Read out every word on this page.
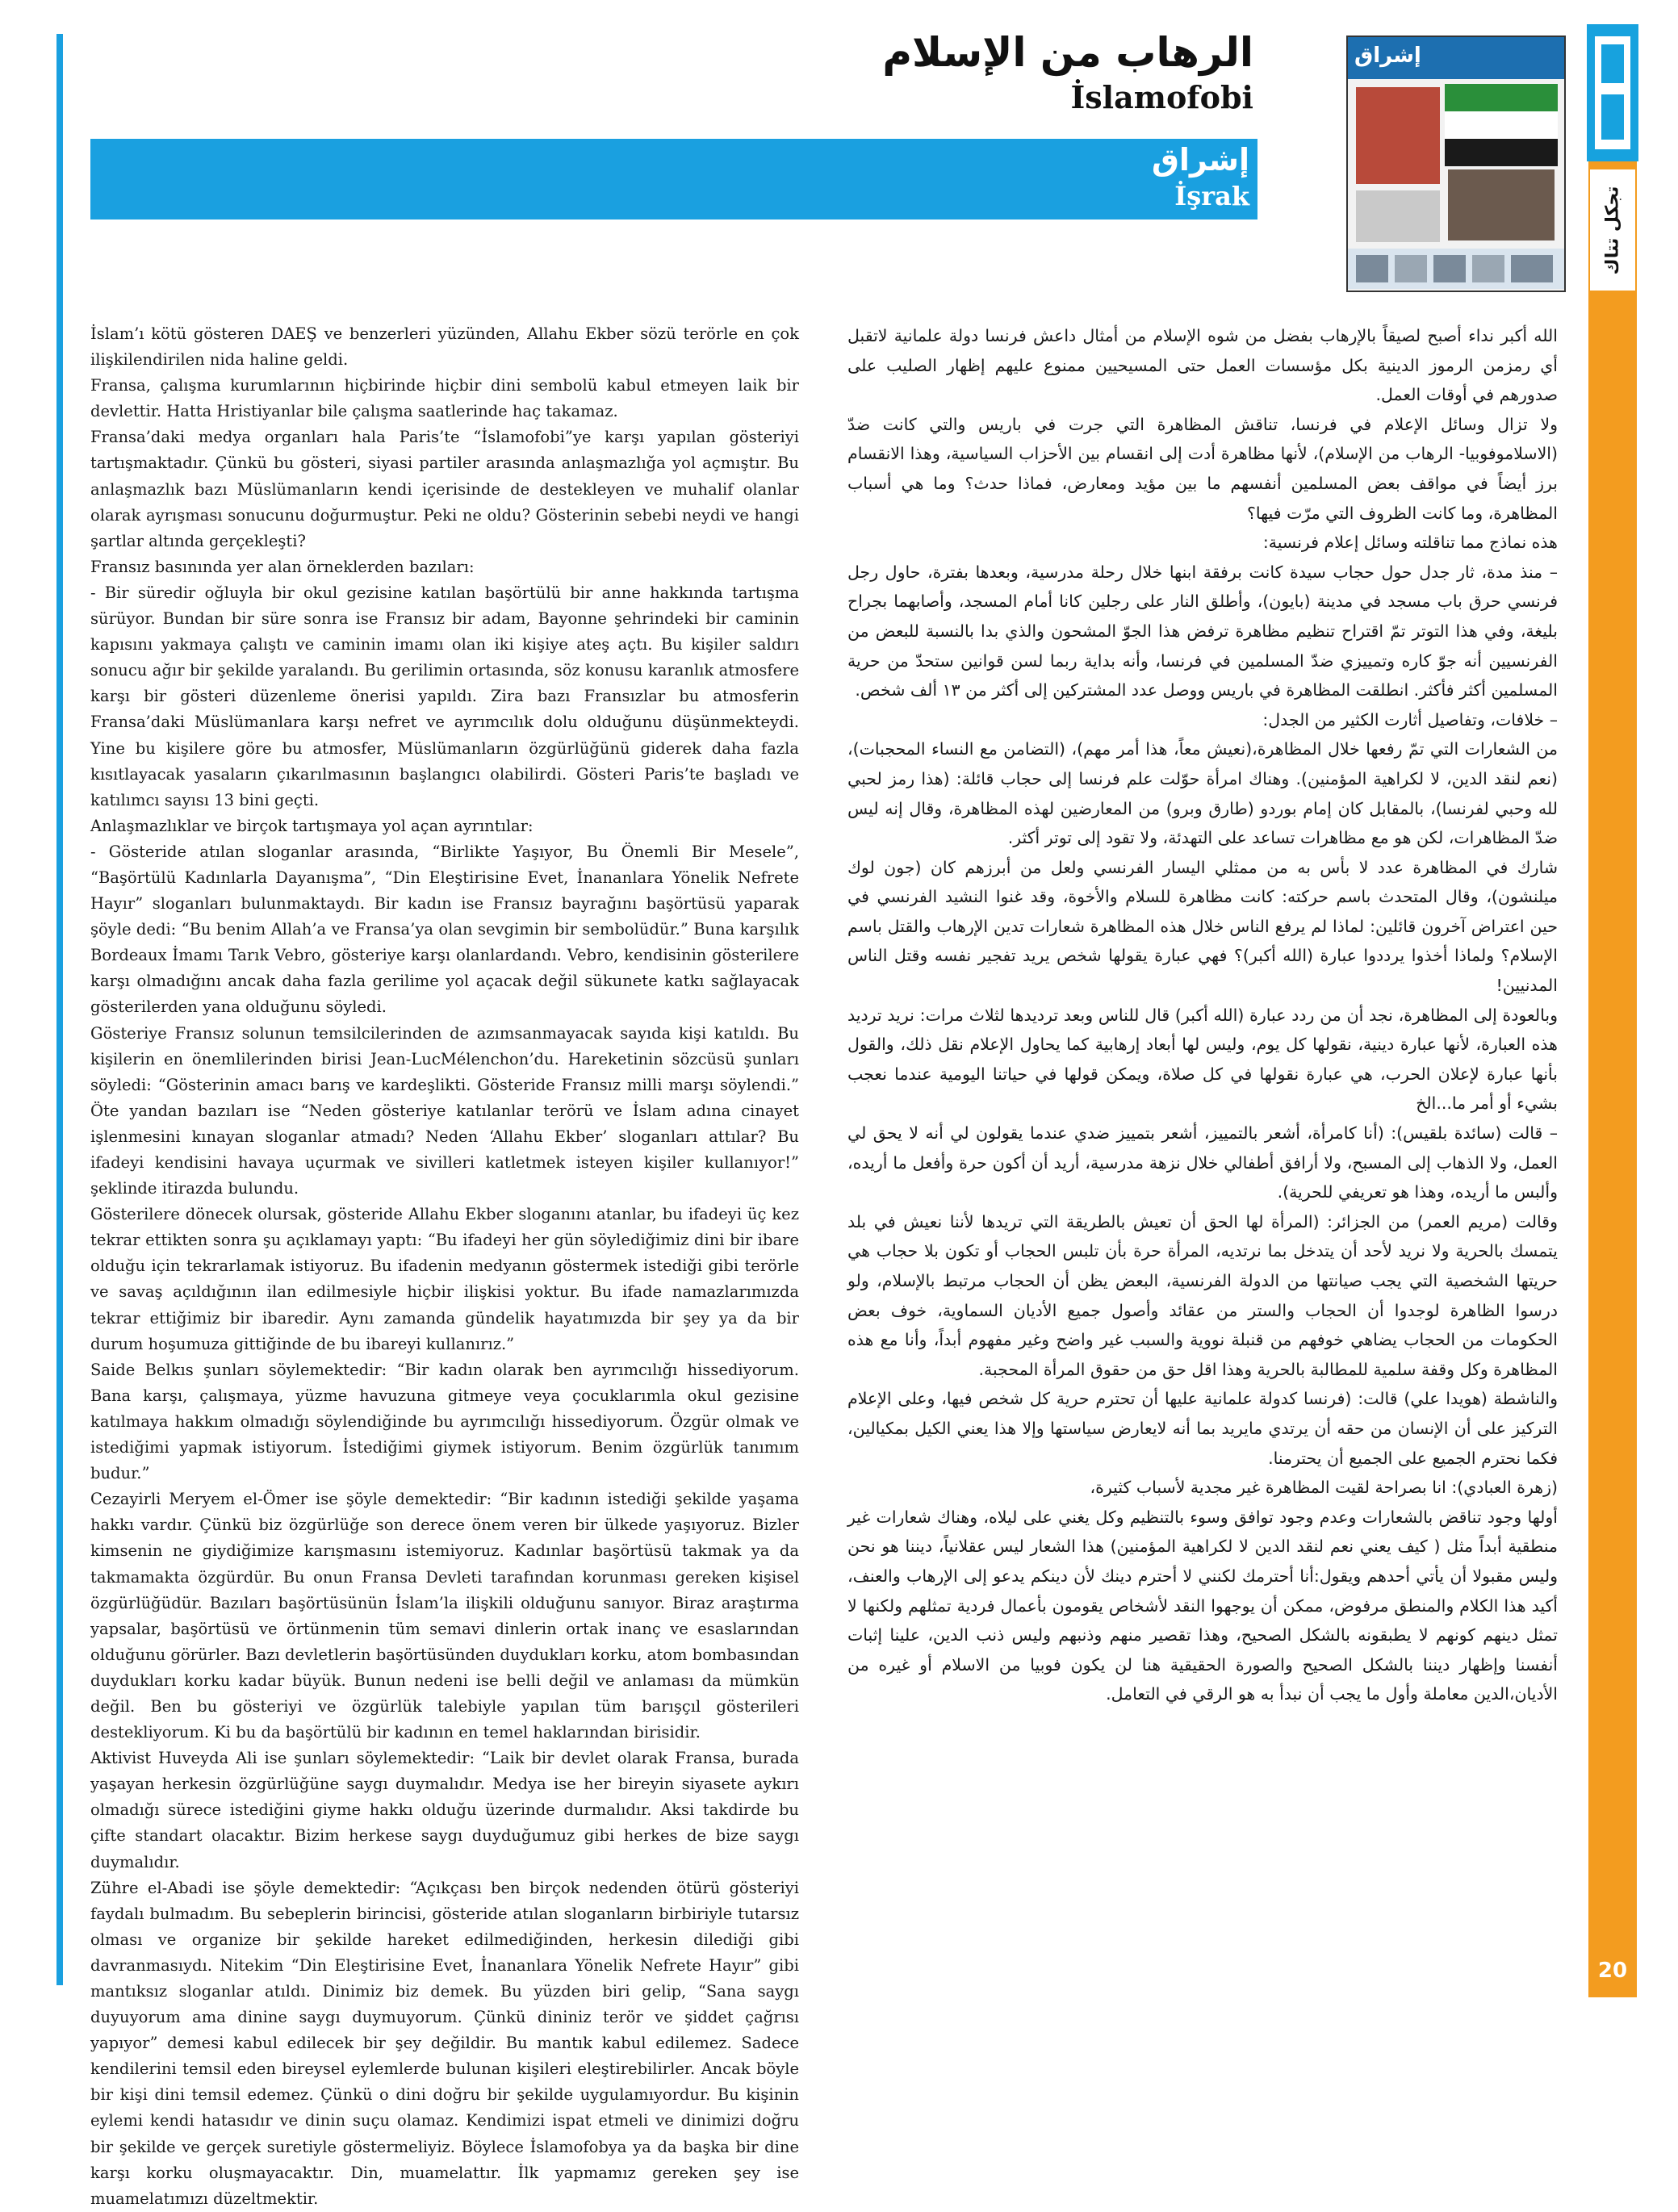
تجكل تتاك
20
إشراق
الرهاب من الإسلام
İslamofobi
إشراق
İşrak

İslam’ı kötü gösteren DAEŞ ve benzerleri yüzünden, Allahu Ekber sözü terörle en çok ilişkilendirilen nida haline geldi.

Fransa, çalışma kurumlarının hiçbirinde hiçbir dini sembolü kabul etmeyen laik bir devlettir. Hatta Hristiyanlar bile çalışma saatlerinde haç takamaz.

Fransa’daki medya organları hala Paris’te “İslamofobi”ye karşı yapılan gösteriyi tartışmaktadır. Çünkü bu gösteri, siyasi partiler arasında anlaşmazlığa yol açmıştır. Bu anlaşmazlık bazı Müslümanların kendi içerisinde de destekleyen ve muhalif olanlar olarak ayrışması sonucunu doğurmuştur. Peki ne oldu? Gösterinin sebebi neydi ve hangi şartlar altında gerçekleşti?

Fransız basınında yer alan örneklerden bazıları:

- Bir süredir oğluyla bir okul gezisine katılan başörtülü bir anne hakkında tartışma sürüyor. Bundan bir süre sonra ise Fransız bir adam, Bayonne şehrindeki bir caminin kapısını yakmaya çalıştı ve caminin imamı olan iki kişiye ateş açtı. Bu kişiler saldırı sonucu ağır bir şekilde yaralandı. Bu gerilimin ortasında, söz konusu karanlık atmosfere karşı bir gösteri düzenleme önerisi yapıldı. Zira bazı Fransızlar bu atmosferin Fransa’daki Müslümanlara karşı nefret ve ayrımcılık dolu olduğunu düşünmekteydi. Yine bu kişilere göre bu atmosfer, Müslümanların özgürlüğünü giderek daha fazla kısıtlayacak yasaların çıkarılmasının başlangıcı olabilirdi. Gösteri Paris’te başladı ve katılımcı sayısı 13 bini geçti.

Anlaşmazlıklar ve birçok tartışmaya yol açan ayrıntılar:

- Gösteride atılan sloganlar arasında, “Birlikte Yaşıyor, Bu Önemli Bir Mesele”, “Başörtülü Kadınlarla Dayanışma”, “Din Eleştirisine Evet, İnananlara Yönelik Nefrete Hayır” sloganları bulunmaktaydı. Bir kadın ise Fransız bayrağını başörtüsü yaparak şöyle dedi: “Bu benim Allah’a ve Fransa’ya olan sevgimin bir sembolüdür.” Buna karşılık Bordeaux İmamı Tarık Vebro, gösteriye karşı olanlardandı. Vebro, kendisinin gösterilere karşı olmadığını ancak daha fazla gerilime yol açacak değil sükunete katkı sağlayacak gösterilerden yana olduğunu söyledi.

Gösteriye Fransız solunun temsilcilerinden de azımsanmayacak sayıda kişi katıldı. Bu kişilerin en önemlilerinden birisi Jean-LucMélenchon’du. Hareketinin sözcüsü şunları söyledi: “Gösterinin amacı barış ve kardeşlikti. Gösteride Fransız milli marşı söylendi.” Öte yandan bazıları ise “Neden gösteriye katılanlar terörü ve İslam adına cinayet işlenmesini kınayan sloganlar atmadı? Neden ‘Allahu Ekber’ sloganları attılar? Bu ifadeyi kendisini havaya uçurmak ve sivilleri katletmek isteyen kişiler kullanıyor!” şeklinde itirazda bulundu.

Gösterilere dönecek olursak, gösteride Allahu Ekber sloganını atanlar, bu ifadeyi üç kez tekrar ettikten sonra şu açıklamayı yaptı: “Bu ifadeyi her gün söylediğimiz dini bir ibare olduğu için tekrarlamak istiyoruz. Bu ifadenin medyanın göstermek istediği gibi terörle ve savaş açıldığının ilan edilmesiyle hiçbir ilişkisi yoktur. Bu ifade namazlarımızda tekrar ettiğimiz bir ibaredir. Aynı zamanda gündelik hayatımızda bir şey ya da bir durum hoşumuza gittiğinde de bu ibareyi kullanırız.”

Saide Belkıs şunları söylemektedir: “Bir kadın olarak ben ayrımcılığı hissediyorum. Bana karşı, çalışmaya, yüzme havuzuna gitmeye veya çocuklarımla okul gezisine katılmaya hakkım olmadığı söylendiğinde bu ayrımcılığı hissediyorum. Özgür olmak ve istediğimi yapmak istiyorum. İstediğimi giymek istiyorum. Benim özgürlük tanımım budur.”

Cezayirli Meryem el-Ömer ise şöyle demektedir: “Bir kadının istediği şekilde yaşama hakkı vardır. Çünkü biz özgürlüğe son derece önem veren bir ülkede yaşıyoruz. Bizler kimsenin ne giydiğimize karışmasını istemiyoruz. Kadınlar başörtüsü takmak ya da takmamakta özgürdür. Bu onun Fransa Devleti tarafından korunması gereken kişisel özgürlüğüdür. Bazıları başörtüsünün İslam’la ilişkili olduğunu sanıyor. Biraz araştırma yapsalar, başörtüsü ve örtünmenin tüm semavi dinlerin ortak inanç ve esaslarından olduğunu görürler. Bazı devletlerin başörtüsünden duydukları korku, atom bombasından duydukları korku kadar büyük. Bunun nedeni ise belli değil ve anlaması da mümkün değil. Ben bu gösteriyi ve özgürlük talebiyle yapılan tüm barışçıl gösterileri destekliyorum. Ki bu da başörtülü bir kadının en temel haklarından birisidir.

Aktivist Huveyda Ali ise şunları söylemektedir: “Laik bir devlet olarak Fransa, burada yaşayan herkesin özgürlüğüne saygı duymalıdır. Medya ise her bireyin siyasete aykırı olmadığı sürece istediğini giyme hakkı olduğu üzerinde durmalıdır. Aksi takdirde bu çifte standart olacaktır. Bizim herkese saygı duyduğumuz gibi herkes de bize saygı duymalıdır.

Zühre el-Abadi ise şöyle demektedir: “Açıkçası ben birçok nedenden ötürü gösteriyi faydalı bulmadım. Bu sebeplerin birincisi, gösteride atılan sloganların birbiriyle tutarsız olması ve organize bir şekilde hareket edilmediğinden, herkesin dilediği gibi davranmasıydı. Nitekim “Din Eleştirisine Evet, İnananlara Yönelik Nefrete Hayır” gibi mantıksız sloganlar atıldı. Dinimiz biz demek. Bu yüzden biri gelip, “Sana saygı duyuyorum ama dinine saygı duymuyorum. Çünkü dininiz terör ve şiddet çağrısı yapıyor” demesi kabul edilecek bir şey değildir. Bu mantık kabul edilemez. Sadece kendilerini temsil eden bireysel eylemlerde bulunan kişileri eleştirebilirler. Ancak böyle bir kişi dini temsil edemez. Çünkü o dini doğru bir şekilde uygulamıyordur. Bu kişinin eylemi kendi hatasıdır ve dinin suçu olamaz. Kendimizi ispat etmeli ve dinimizi doğru bir şekilde ve gerçek suretiyle göstermeliyiz. Böylece İslamofobya ya da başka bir dine karşı korku oluşmayacaktır. Din, muamelattır. İlk yapmamız gereken şey ise muamelatımızı düzeltmektir.

الله أكبر نداء أصبح لصيقاً بالإرهاب بفضل من شوه الإسلام من أمثال داعش فرنسا دولة علمانية لاتقبل أي رمزمن الرموز الدينية بكل مؤسسات العمل حتى المسيحيين ممنوع عليهم إظهار الصليب على صدورهم في أوقات العمل.

ولا تزال وسائل الإعلام في فرنسا، تناقش المظاهرة التي جرت في باريس والتي كانت ضدّ (الاسلاموفوبيا- الرهاب من الإسلام)، لأنها مظاهرة أدت إلى انقسام بين الأحزاب السياسية، وهذا الانقسام برز أيضاً في مواقف بعض المسلمين أنفسهم ما بين مؤيد ومعارض، فماذا حدث؟ وما هي أسباب المظاهرة، وما كانت الظروف التي مرّت فيها؟

هذه نماذج مما تناقلته وسائل إعلام فرنسية:

– منذ مدة، ثار جدل حول حجاب سيدة كانت برفقة ابنها خلال رحلة مدرسية، وبعدها بفترة، حاول رجل فرنسي حرق باب مسجد في مدينة (بايون)، وأطلق النار على رجلين كانا أمام المسجد، وأصابهما بجراح بليغة، وفي هذا التوتر تمّ اقتراح تنظيم مظاهرة ترفض هذا الجوّ المشحون والذي بدا بالنسبة للبعض من الفرنسيين أنه جوّ كاره وتمييزي ضدّ المسلمين في فرنسا، وأنه بداية ربما لسن قوانين ستحدّ من حرية المسلمين أكثر فأكثر. انطلقت المظاهرة في باريس ووصل عدد المشتركين إلى أكثر من ١٣ ألف شخص.

– خلافات، وتفاصيل أثارت الكثير من الجدل:

من الشعارات التي تمّ رفعها خلال المظاهرة،(نعيش معاً، هذا أمر مهم)، (التضامن مع النساء المحجبات)، (نعم لنقد الدين، لا لكراهية المؤمنين). وهناك امرأة حوّلت علم فرنسا إلى حجاب قائلة: (هذا رمز لحبي لله وحبي لفرنسا)، بالمقابل كان إمام بوردو (طارق وبرو) من المعارضين لهذه المظاهرة، وقال إنه ليس ضدّ المظاهرات، لكن هو مع مظاهرات تساعد على التهدئة، ولا تقود إلى توتر أكثر.

شارك في المظاهرة عدد لا بأس به من ممثلي اليسار الفرنسي ولعل من أبرزهم كان (جون لوك ميلنشون)، وقال المتحدث باسم حركته: كانت مظاهرة للسلام والأخوة، وقد غنوا النشيد الفرنسي في حين اعتراض آخرون قائلين: لماذا لم يرفع الناس خلال هذه المظاهرة شعارات تدين الإرهاب والقتل باسم الإسلام؟ ولماذا أخذوا يرددوا عبارة (الله أكبر)؟ فهي عبارة يقولها شخص يريد تفجير نفسه وقتل الناس المدنيين!

وبالعودة إلى المظاهرة، نجد أن من ردد عبارة (الله أكبر) قال للناس وبعد ترديدها لثلاث مرات: نريد ترديد هذه العبارة، لأنها عبارة دينية، نقولها كل يوم، وليس لها أبعاد إرهابية كما يحاول الإعلام نقل ذلك، والقول بأنها عبارة لإعلان الحرب، هي عبارة نقولها في كل صلاة، ويمكن قولها في حياتنا اليومية عندما نعجب بشيء أو أمر ما...الخ

– قالت (سائدة بلقيس): (أنا كامرأة، أشعر بالتمييز، أشعر بتمييز ضدي عندما يقولون لي أنه لا يحق لي العمل، ولا الذهاب إلى المسبح، ولا أرافق أطفالي خلال نزهة مدرسية، أريد أن أكون حرة وأفعل ما أريده، وألبس ما أريده، وهذا هو تعريفي للحرية).

وقالت (مريم العمر) من الجزائر: (المرأة لها الحق أن تعيش بالطريقة التي تريدها لأننا نعيش في بلد يتمسك بالحرية ولا نريد لأحد أن يتدخل بما نرتديه، المرأة حرة بأن تلبس الحجاب أو تكون بلا حجاب هي حريتها الشخصية التي يجب صيانتها من الدولة الفرنسية، البعض يظن أن الحجاب مرتبط بالإسلام، ولو درسوا الظاهرة لوجدوا أن الحجاب والستر من عقائد وأصول جميع الأديان السماوية، خوف بعض الحكومات من الحجاب يضاهي خوفهم من قنبلة نووية والسبب غير واضح وغير مفهوم أبداً، وأنا مع هذه المظاهرة وكل وقفة سلمية للمطالبة بالحرية وهذا اقل حق من حقوق المرأة المحجبة.

والناشطة (هويدا علي) قالت: (فرنسا كدولة علمانية عليها أن تحترم حرية كل شخص فيها، وعلى الإعلام التركيز على أن الإنسان من حقه أن يرتدي مايريد بما أنه لايعارض سياستها وإلا هذا يعني الكيل بمكيالين، فكما نحترم الجميع على الجميع أن يحترمنا.

(زهرة العبادي): انا بصراحة لقيت المظاهرة غير مجدية لأسباب كثيرة،

أولها وجود تناقض بالشعارات وعدم وجود توافق وسوء بالتنظيم وكل يغني على ليلاه، وهناك شعارات غير منطقية أبداً مثل ( كيف يعني نعم لنقد الدين لا لكراهية المؤمنين) هذا الشعار ليس عقلانياً، ديننا هو نحن وليس مقبولا أن يأتي أحدهم ويقول:أنا أحترمك لكنني لا أحترم دينك لأن دينكم يدعو إلى الإرهاب والعنف، أكيد هذا الكلام والمنطق مرفوض، ممكن أن يوجهوا النقد لأشخاص يقومون بأعمال فردية تمثلهم ولكنها لا تمثل دينهم كونهم لا يطبقونه بالشكل الصحيح، وهذا تقصير منهم وذنبهم وليس ذنب الدين، علينا إثبات أنفسنا وإظهار ديننا بالشكل الصحيح والصورة الحقيقية هنا لن يكون فوبيا من الاسلام أو غيره من الأديان،الدين معاملة وأول ما يجب أن نبدأ به هو الرقي في التعامل.
